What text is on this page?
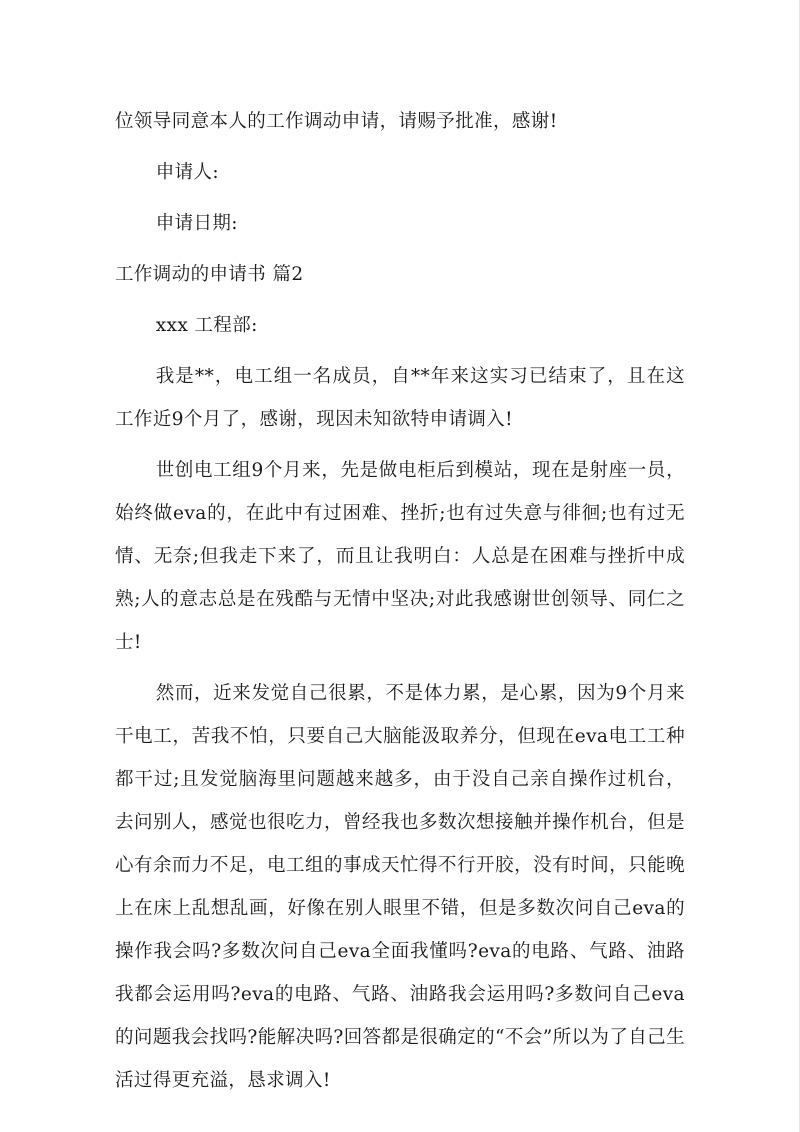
位领导同意本人的工作调动申请，请赐予批准，感谢!

申请人:

申请日期:

工作调动的申请书 篇2

xxx 工程部:

我是**，电工组一名成员，自**年来这实习已结束了，且在这工作近9个月了，感谢，现因未知欲特申请调入!

世创电工组9个月来，先是做电柜后到模站，现在是射座一员，始终做eva的，在此中有过困难、挫折;也有过失意与徘徊;也有过无情、无奈;但我走下来了，而且让我明白：人总是在困难与挫折中成熟;人的意志总是在残酷与无情中坚决;对此我感谢世创领导、同仁之士!

然而，近来发觉自己很累，不是体力累，是心累，因为9个月来干电工，苦我不怕，只要自己大脑能汲取养分，但现在eva电工工种都干过;且发觉脑海里问题越来越多，由于没自己亲自操作过机台，去问别人，感觉也很吃力，曾经我也多数次想接触并操作机台，但是心有余而力不足，电工组的事成天忙得不行开胶，没有时间，只能晚上在床上乱想乱画，好像在别人眼里不错，但是多数次问自己eva的操作我会吗?多数次问自己eva全面我懂吗?eva的电路、气路、油路我都会运用吗?eva的电路、气路、油路我会运用吗?多数问自己eva的问题我会找吗?能解决吗?回答都是很确定的“不会”所以为了自己生活过得更充溢，恳求调入!
